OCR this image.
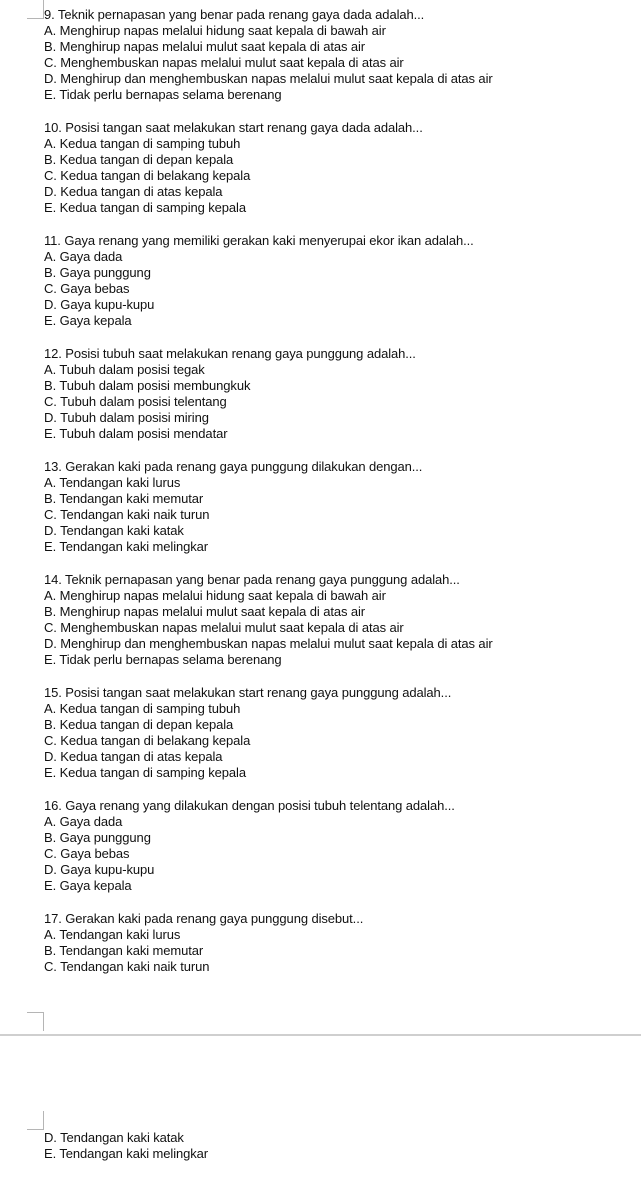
9. Teknik pernapasan yang benar pada renang gaya dada adalah...
A. Menghirup napas melalui hidung saat kepala di bawah air
B. Menghirup napas melalui mulut saat kepala di atas air
C. Menghembuskan napas melalui mulut saat kepala di atas air
D. Menghirup dan menghembuskan napas melalui mulut saat kepala di atas air
E. Tidak perlu bernapas selama berenang
10. Posisi tangan saat melakukan start renang gaya dada adalah...
A. Kedua tangan di samping tubuh
B. Kedua tangan di depan kepala
C. Kedua tangan di belakang kepala
D. Kedua tangan di atas kepala
E. Kedua tangan di samping kepala
11. Gaya renang yang memiliki gerakan kaki menyerupai ekor ikan adalah...
A. Gaya dada
B. Gaya punggung
C. Gaya bebas
D. Gaya kupu-kupu
E. Gaya kepala
12. Posisi tubuh saat melakukan renang gaya punggung adalah...
A. Tubuh dalam posisi tegak
B. Tubuh dalam posisi membungkuk
C. Tubuh dalam posisi telentang
D. Tubuh dalam posisi miring
E. Tubuh dalam posisi mendatar
13. Gerakan kaki pada renang gaya punggung dilakukan dengan...
A. Tendangan kaki lurus
B. Tendangan kaki memutar
C. Tendangan kaki naik turun
D. Tendangan kaki katak
E. Tendangan kaki melingkar
14. Teknik pernapasan yang benar pada renang gaya punggung adalah...
A. Menghirup napas melalui hidung saat kepala di bawah air
B. Menghirup napas melalui mulut saat kepala di atas air
C. Menghembuskan napas melalui mulut saat kepala di atas air
D. Menghirup dan menghembuskan napas melalui mulut saat kepala di atas air
E. Tidak perlu bernapas selama berenang
15. Posisi tangan saat melakukan start renang gaya punggung adalah...
A. Kedua tangan di samping tubuh
B. Kedua tangan di depan kepala
C. Kedua tangan di belakang kepala
D. Kedua tangan di atas kepala
E. Kedua tangan di samping kepala
16. Gaya renang yang dilakukan dengan posisi tubuh telentang adalah...
A. Gaya dada
B. Gaya punggung
C. Gaya bebas
D. Gaya kupu-kupu
E. Gaya kepala
17. Gerakan kaki pada renang gaya punggung disebut...
A. Tendangan kaki lurus
B. Tendangan kaki memutar
C. Tendangan kaki naik turun
D. Tendangan kaki katak
E. Tendangan kaki melingkar
